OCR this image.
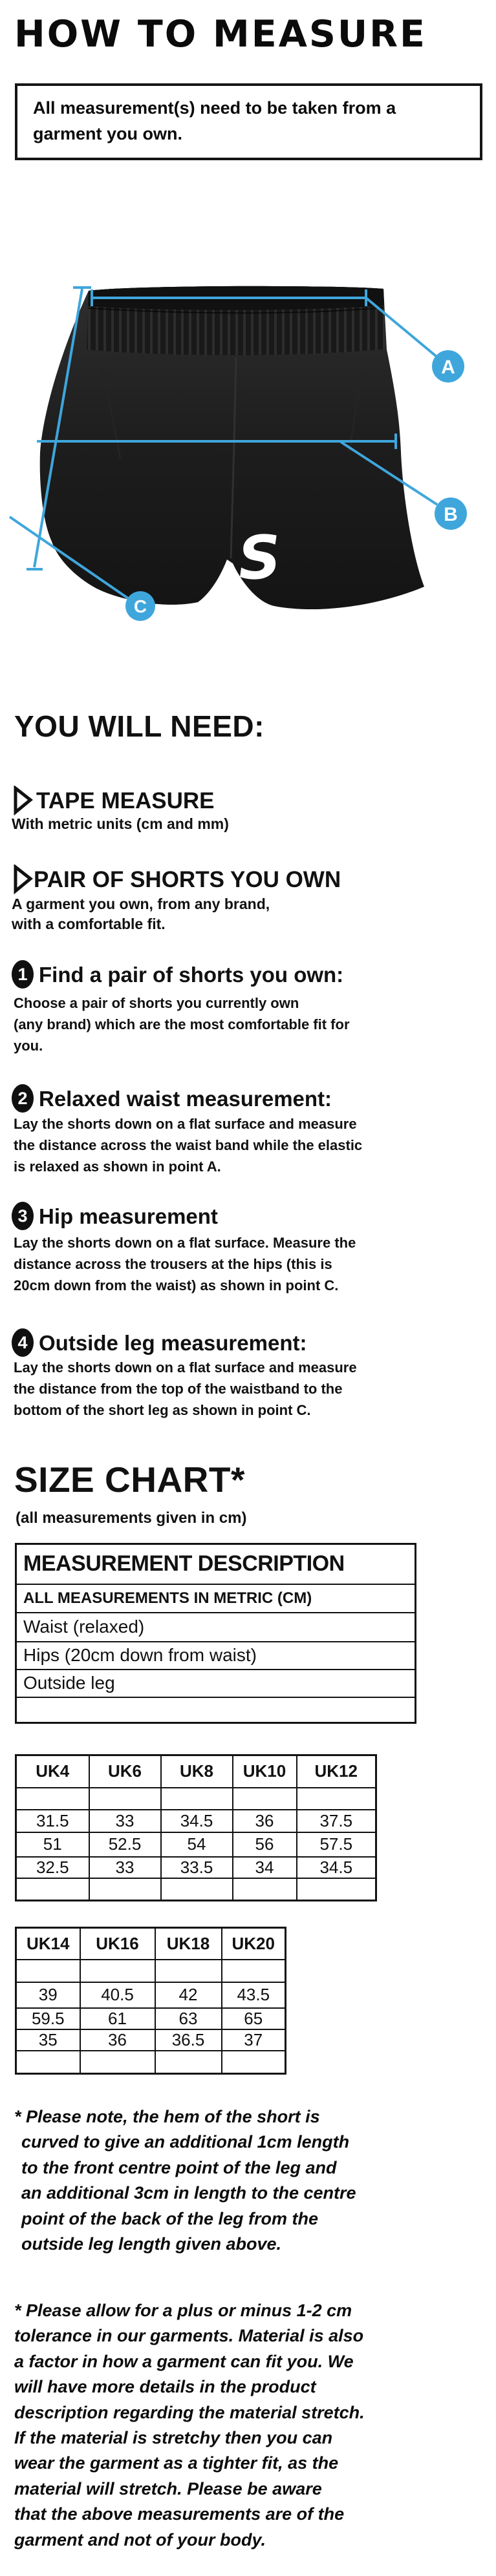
HOW TO MEASURE
All measurement(s) need to be taken from a
garment you own.
S
A
B
C
YOU WILL NEED:
TAPE MEASURE
With metric units (cm and mm)
PAIR OF SHORTS YOU OWN
A garment you own, from any brand,
with a comfortable fit.
1 Find a pair of shorts you own:
Choose a pair of shorts you currently own
(any brand) which are the most comfortable fit for
you.
2 Relaxed waist measurement:
Lay the shorts down on a flat surface and measure
the distance across the waist band while the elastic
is relaxed as shown in point A.
3 Hip measurement
Lay the shorts down on a flat surface. Measure the
distance across the trousers at the hips (this is
20cm down from the waist) as shown in point C.
4 Outside leg measurement:
Lay the shorts down on a flat surface and measure
the distance from the top of the waistband to the
bottom of the short leg as shown in point C.
SIZE CHART*
(all measurements given in cm)
MEASUREMENT DESCRIPTION
ALL MEASUREMENTS IN METRIC (CM)
Waist (relaxed)
Hips (20cm down from waist)
Outside leg

UK4	UK6	UK8	UK10	UK12

31.5	33	34.5	36	37.5
51	52.5	54	56	57.5
32.5	33	33.5	34	34.5

UK14	UK16	UK18	UK20

39	40.5	42	43.5
59.5	61	63	65
35	36	36.5	37

* Please note, the hem of the short is
curved to give an additional 1cm length
to the front centre point of the leg and
an additional 3cm in length to the centre
point of the back of the leg from the
outside leg length given above.
* Please allow for a plus or minus 1-2 cm
tolerance in our garments. Material is also
a factor in how a garment can fit you. We
will have more details in the product
description regarding the material stretch.
If the material is stretchy then you can
wear the garment as a tighter fit, as the
material will stretch. Please be aware
that the above measurements are of the
garment and not of your body.
